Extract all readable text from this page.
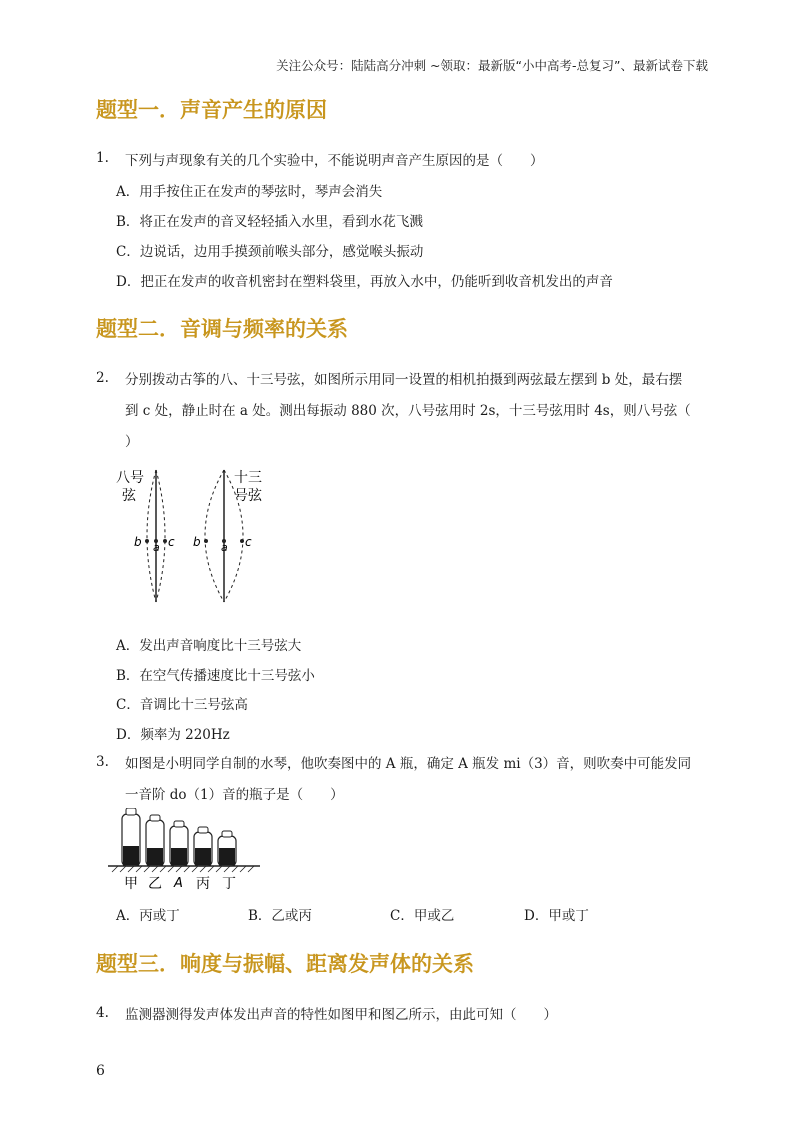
关注公众号：陆陆高分冲刺 ~领取：最新版“小中高考-总复习”、最新试卷下载
题型一．声音产生的原因
1. 下列与声现象有关的几个实验中，不能说明声音产生原因的是（　　）
A．用手按住正在发声的琴弦时，琴声会消失
B．将正在发声的音叉轻轻插入水里，看到水花飞溅
C．边说话，边用手摸颈前喉头部分，感觉喉头振动
D．把正在发声的收音机密封在塑料袋里，再放入水中，仍能听到收音机发出的声音
题型二．音调与频率的关系
2. 分别拨动古筝的八、十三号弦，如图所示用同一设置的相机拍摄到两弦最左摆到 b 处，最右摆
到 c 处，静止时在 a 处。测出每振动 880 次，八号弦用时 2s，十三号弦用时 4s，则八号弦（
）
b a c
八号
弦
b a c
十三
号弦
A．发出声音响度比十三号弦大
B．在空气传播速度比十三号弦小
C．音调比十三号弦高
D．频率为 220Hz
3. 如图是小明同学自制的水琴，他吹奏图中的 A 瓶，确定 A 瓶发 mi（3）音，则吹奏中可能发同
一音阶 do（1）音的瓶子是（　　）
甲 乙 A 丙 丁
A．丙或丁	B．乙或丙	C．甲或乙	D．甲或丁
题型三．响度与振幅、距离发声体的关系
4. 监测器测得发声体发出声音的特性如图甲和图乙所示，由此可知（　　）
6
